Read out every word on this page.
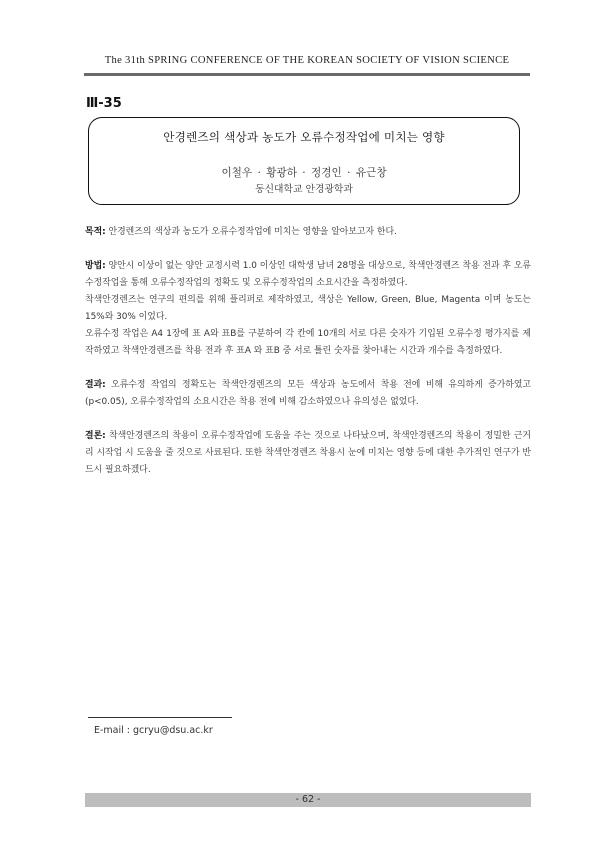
The 31th SPRING CONFERENCE OF THE KOREAN SOCIETY OF VISION SCIENCE
Ⅲ-35
안경렌즈의 색상과 농도가 오류수정작업에 미치는 영향
이철우 · 황광하 · 정경인 · 유근창
동신대학교 안경광학과

목적: 안경렌즈의 색상과 농도가 오류수정작업에 미치는 영향을 알아보고자 한다.

방법: 양안시 이상이 없는 양안 교정시력 1.0 이상인 대학생 남녀 28명을 대상으로, 착색안경렌즈 착용 전과 후 오류수정작업을 통해 오류수정작업의 정확도 및 오류수정작업의 소요시간을 측정하였다.

착색안경렌즈는 연구의 편의를 위해 플리퍼로 제작하였고, 색상은 Yellow, Green, Blue, Magenta 이며 농도는 15%와 30% 이었다.

오류수정 작업은 A4 1장에 표 A와 표B를 구분하여 각 칸에 10개의 서로 다른 숫자가 기입된 오류수정 평가지를 제작하였고 착색안경렌즈를 착용 전과 후 표A 와 표B 중 서로 틀린 숫자를 찾아내는 시간과 개수를 측정하였다.

결과: 오류수정 작업의 정확도는 착색안경렌즈의 모든 색상과 농도에서 착용 전에 비해 유의하게 증가하였고(p<0.05), 오류수정작업의 소요시간은 착용 전에 비해 감소하였으나 유의성은 없었다.

결론: 착색안경렌즈의 착용이 오류수정작업에 도움을 주는 것으로 나타났으며, 착색안경렌즈의 착용이 정밀한 근거리 시작업 시 도움을 줄 것으로 사료된다. 또한 착색안경렌즈 착용시 눈에 미치는 영향 등에 대한 추가적인 연구가 반드시 필요하겠다.

E-mail : gcryu@dsu.ac.kr
- 62 -
